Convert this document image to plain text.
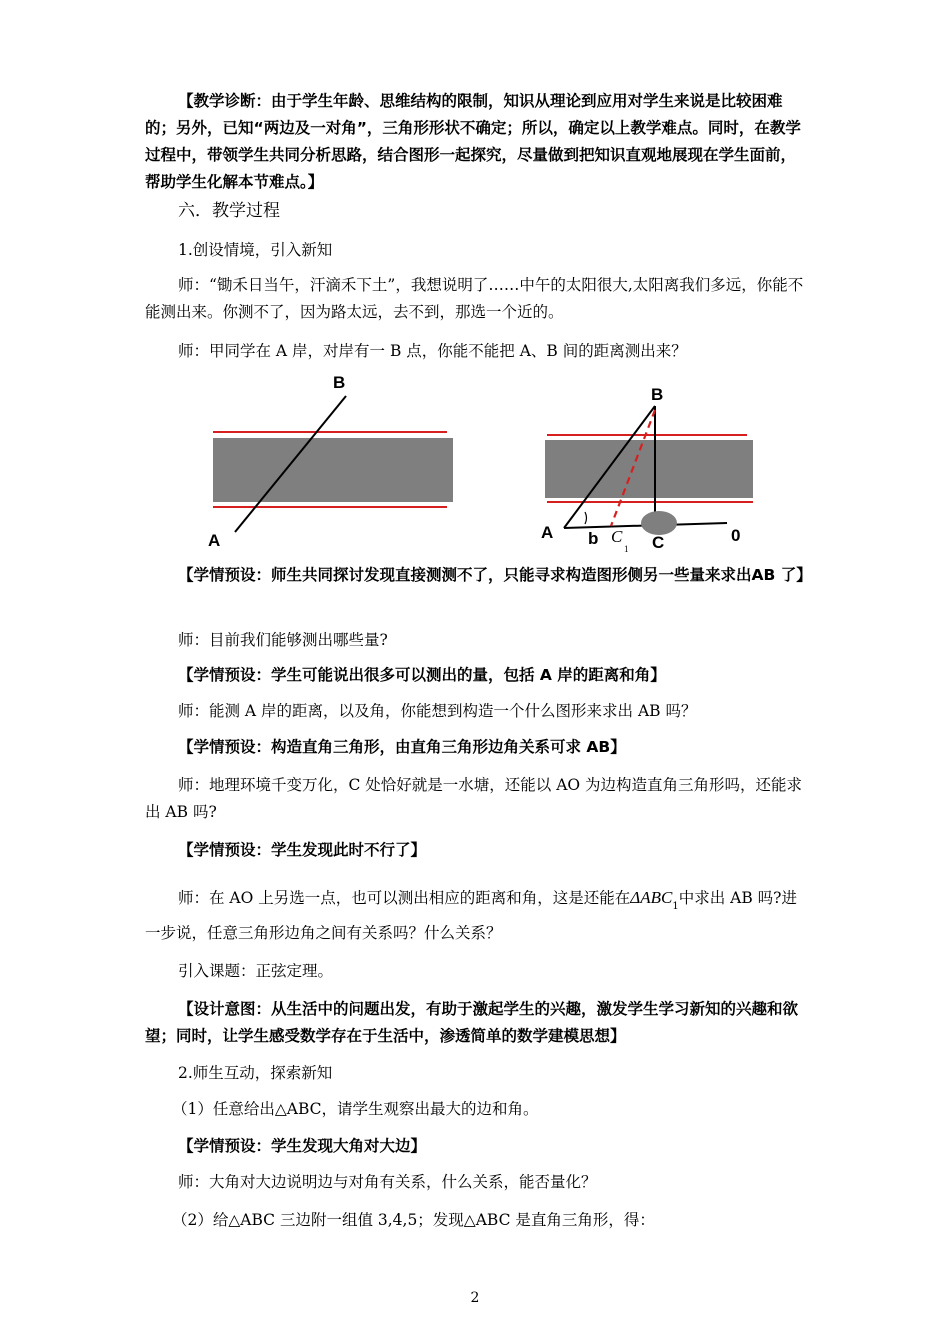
【教学诊断：由于学生年龄、思维结构的限制，知识从理论到应用对学生来说是比较困难的；另外，已知“两边及一对角”，三角形形状不确定；所以，确定以上教学难点。同时，在教学过程中，带领学生共同分析思路，结合图形一起探究，尽量做到把知识直观地展现在学生面前，帮助学生化解本节难点。】

六．教学过程

1.创设情境，引入新知

师：“锄禾日当午，汗滴禾下土”，我想说明了……中午的太阳很大,太阳离我们多远，你能不能测出来。你测不了，因为路太远，去不到，那选一个近的。

师：甲同学在 A 岸，对岸有一 B 点，你能不能把 A、B 间的距离测出来？

B
A
B
A b C
1 C	0

【学情预设：师生共同探讨发现直接测测不了，只能寻求构造图形侧另一些量来求出AB 了】

师：目前我们能够测出哪些量?

【学情预设：学生可能说出很多可以测出的量，包括 A 岸的距离和角】

师：能测 A 岸的距离，以及角，你能想到构造一个什么图形来求出 AB 吗？

【学情预设：构造直角三角形，由直角三角形边角关系可求 AB】

师：地理环境千变万化，C 处恰好就是一水塘，还能以 AO 为边构造直角三角形吗，还能求出 AB 吗?

【学情预设：学生发现此时不行了】

师：在 AO 上另选一点，也可以测出相应的距离和角，这是还能在$\Delta ABC_1$中求出 AB 吗?进一步说，任意三角形边角之间有关系吗？什么关系？

引入课题：正弦定理。

【设计意图：从生活中的问题出发，有助于激起学生的兴趣，激发学生学习新知的兴趣和欲望；同时，让学生感受数学存在于生活中，渗透简单的数学建模思想】

2.师生互动，探索新知

（1）任意给出△ABC，请学生观察出最大的边和角。

【学情预设：学生发现大角对大边】

师：大角对大边说明边与对角有关系，什么关系，能否量化？

（2）给△ABC 三边附一组值 3,4,5；发现△ABC 是直角三角形，得：

2
